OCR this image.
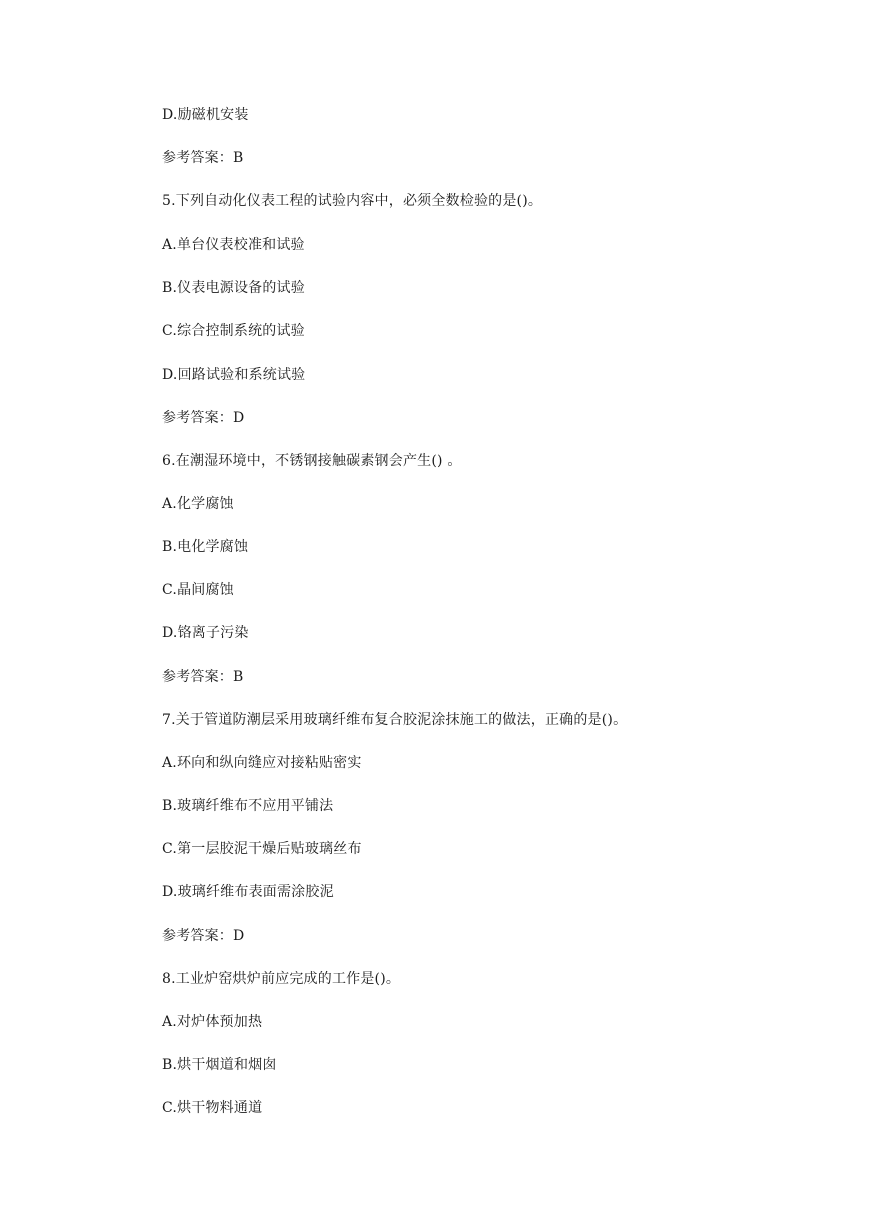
D.励磁机安装
参考答案：B
5.下列自动化仪表工程的试验内容中，必须全数检验的是()。
A.单台仪表校准和试验
B.仪表电源设备的试验
C.综合控制系统的试验
D.回路试验和系统试验
参考答案：D
6.在潮湿环境中，不锈钢接触碳素钢会产生() 。
A.化学腐蚀
B.电化学腐蚀
C.晶间腐蚀
D.铬离子污染
参考答案：B
7.关于管道防潮层采用玻璃纤维布复合胶泥涂抹施工的做法，正确的是()。
A.环向和纵向缝应对接粘贴密实
B.玻璃纤维布不应用平铺法
C.第一层胶泥干燥后贴玻璃丝布
D.玻璃纤维布表面需涂胶泥
参考答案：D
8.工业炉窑烘炉前应完成的工作是()。
A.对炉体预加热
B.烘干烟道和烟囱
C.烘干物料通道
